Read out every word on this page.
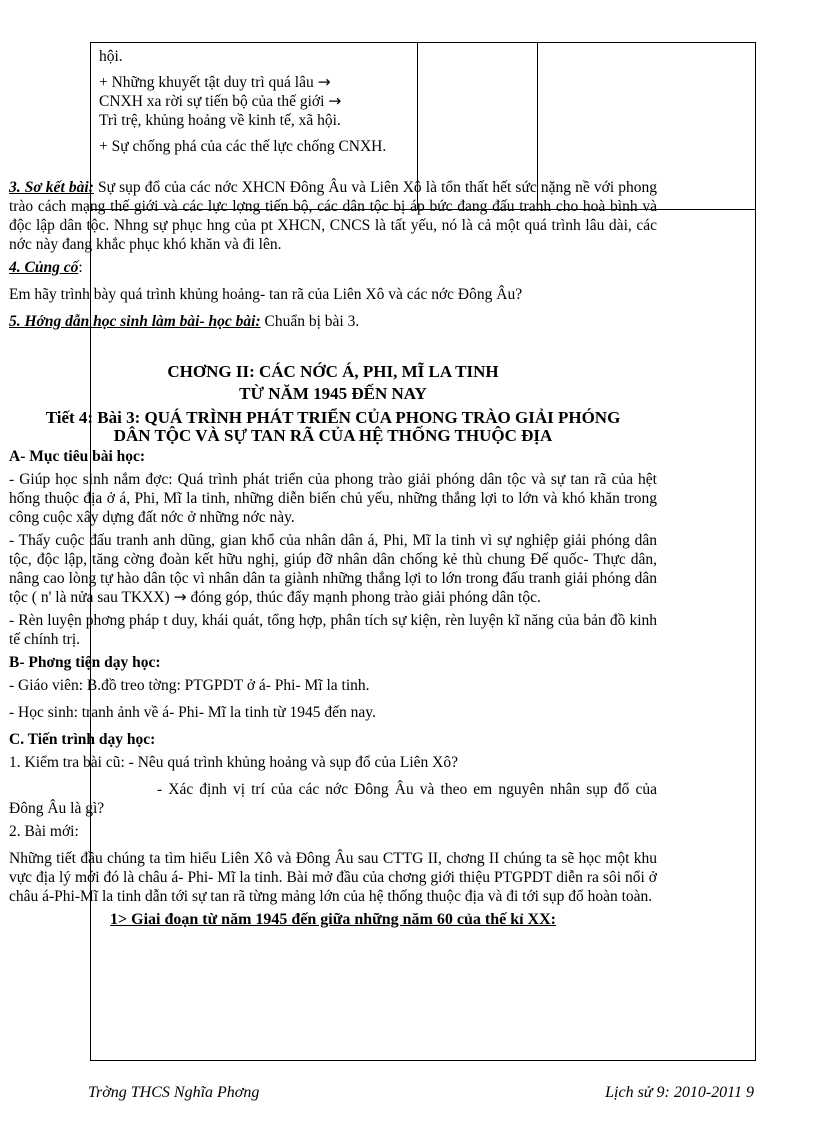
hội.

+ Những khuyết tật duy trì quá lâu →

CNXH xa rời sự tiến bộ của thế giới →

Trì trệ, khủng hoảng về kinh tế, xã hội.

+ Sự chống phá của các thế lực chống CNXH.

3. Sơ kết bài: Sự sụp đổ của các nớc XHCN Đông Âu và Liên Xô là tổn thất hết sức nặng nề với phong trào cách mạng thế giới và các lực lợng tiến bộ, các dân tộc bị áp bức đang đấu tranh cho hoà bình và độc lập dân tộc. Nhng sự phục hng của pt XHCN, CNCS là tất yếu, nó là cả một quá trình lâu dài, các nớc này đang khắc phục khó khăn và đi lên.

4. Củng cố:

Em hãy trình bày quá trình khủng hoảng- tan rã của Liên Xô và các nớc Đông Âu?

5. Hớng dẫn học sinh làm bài- học bài: Chuẩn bị bài 3.

CHƠNG II: CÁC NỚC Á, PHI, MĨ LA TINH

TỪ NĂM 1945 ĐẾN NAY

Tiết 4: Bài 3: QUÁ TRÌNH PHÁT TRIỂN CỦA PHONG TRÀO GIẢI PHÓNG

DÂN TỘC VÀ SỰ TAN RÃ CỦA HỆ THỐNG THUỘC ĐỊA

A- Mục tiêu bài học:

- Giúp học sinh nắm đợc: Quá trình phát triển của phong trào giải phóng dân tộc và sự tan rã của hệt hống thuộc địa ở á, Phi, Mĩ la tinh, những diễn biến chủ yếu, những thắng lợi to lớn và khó khăn trong công cuộc xây dựng đất nớc ở những nớc này.

- Thấy cuộc đấu tranh anh dũng, gian khổ của nhân dân á, Phi, Mĩ la tinh vì sự nghiệp giải phóng dân tộc, độc lập, tăng cờng đoàn kết hữu nghị, giúp đỡ nhân dân chống kẻ thù chung Đế quốc- Thực dân, nâng cao lòng tự hào dân tộc vì nhân dân ta giành những thắng lợi to lớn trong đấu tranh giải phóng dân tộc ( n' là nửa sau TKXX) → đóng góp, thúc đẩy mạnh phong trào giải phóng dân tộc.

- Rèn luyện phơng pháp t duy, khái quát, tổng hợp, phân tích sự kiện, rèn luyện kĩ năng của bản đồ kinh tế chính trị.

B- Phơng tiện dạy học:

- Giáo viên: B.đồ treo tờng: PTGPDT ở á- Phi- Mĩ la tinh.

- Học sinh: tranh ảnh về á- Phi- Mĩ la tinh từ 1945 đến nay.

C. Tiến trình dạy học:

1. Kiểm tra bài cũ: - Nêu quá trình khủng hoảng và sụp đổ của Liên Xô?

- Xác định vị trí của các nớc Đông Âu và theo em nguyên nhân sụp đổ của Đông Âu là gì?

2. Bài mới:

Những tiết đầu chúng ta tìm hiểu Liên Xô và Đông Âu sau CTTG II, chơng II chúng ta sẽ học một khu vực địa lý mới đó là châu á- Phi- Mĩ la tinh. Bài mở đầu của chơng giới thiệu PTGPDT diễn ra sôi nổi ở châu á-Phi-Mĩ la tinh dẫn tới sự tan rã từng mảng lớn của hệ thống thuộc địa và đi tới sụp đổ hoàn toàn.

1> Giai đoạn từ năm 1945 đến giữa những năm 60 của thế kỉ XX:

Trờng THCS Nghĩa Phơng	Lịch sử 9: 2010-2011 9
